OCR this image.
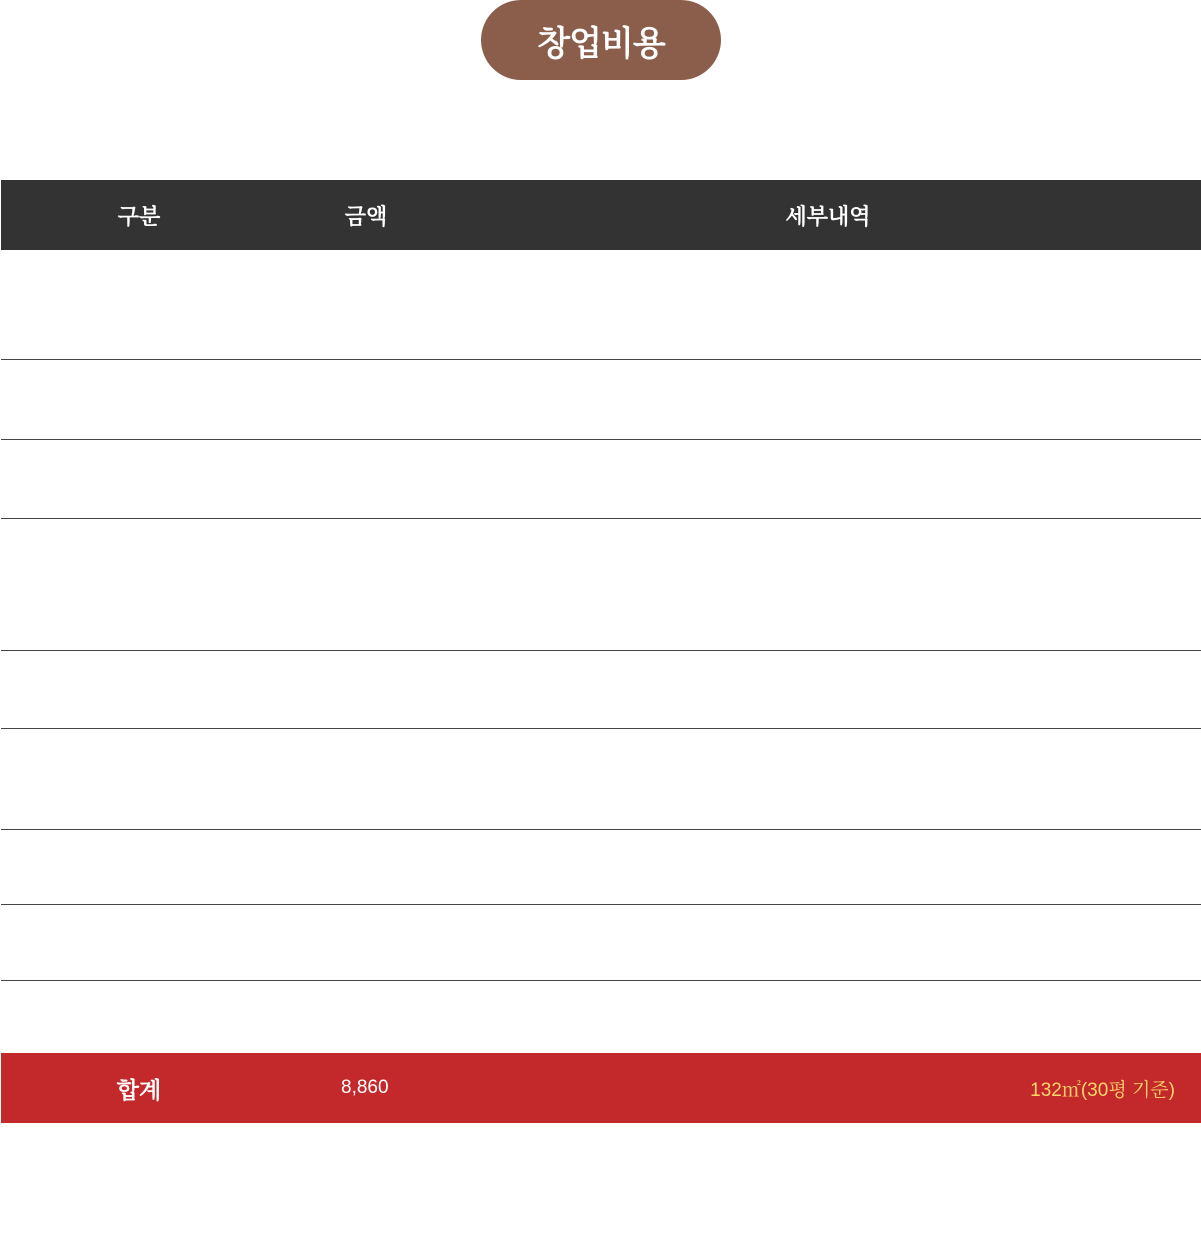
창업비용
구분	금액	세부내역
합계	8,860	132㎡(30평 기준)
